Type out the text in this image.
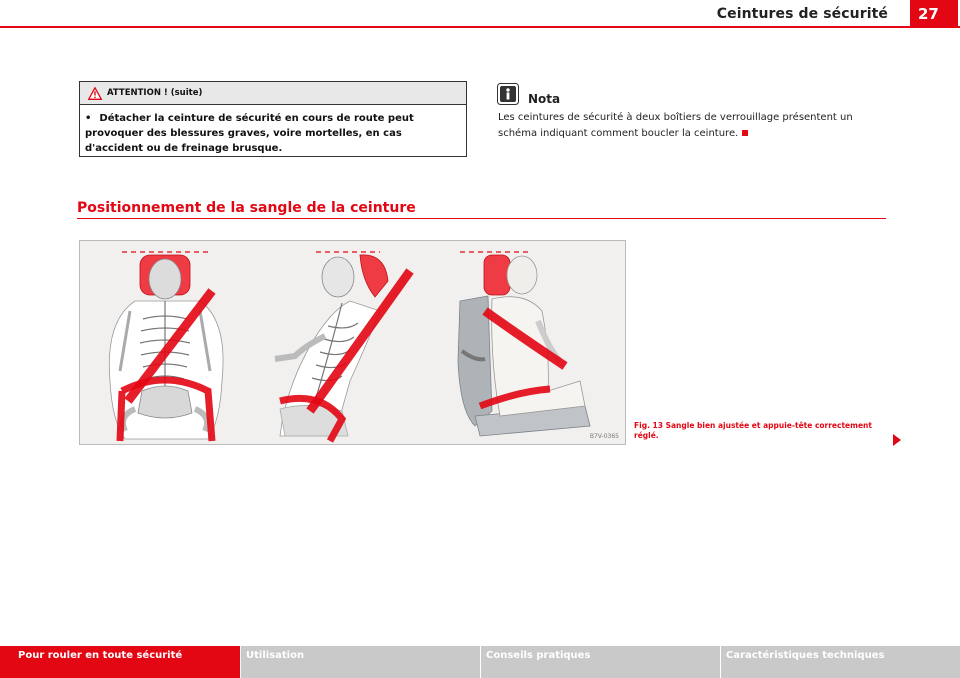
Ceintures de sécurité	27
ATTENTION ! (suite)
• Détacher la ceinture de sécurité en cours de route peut provoquer des blessures graves, voire mortelles, en cas d'accident ou de freinage brusque.
Nota
Les ceintures de sécurité à deux boîtiers de verrouillage présentent un schéma indiquant comment boucler la ceinture.
Positionnement de la sangle de la ceinture
B7V-0365
Fig. 13 Sangle bien ajustée et appuie-tête correctement réglé.
Pour rouler en toute sécurité	Utilisation	Conseils pratiques	Caractéristiques techniques
